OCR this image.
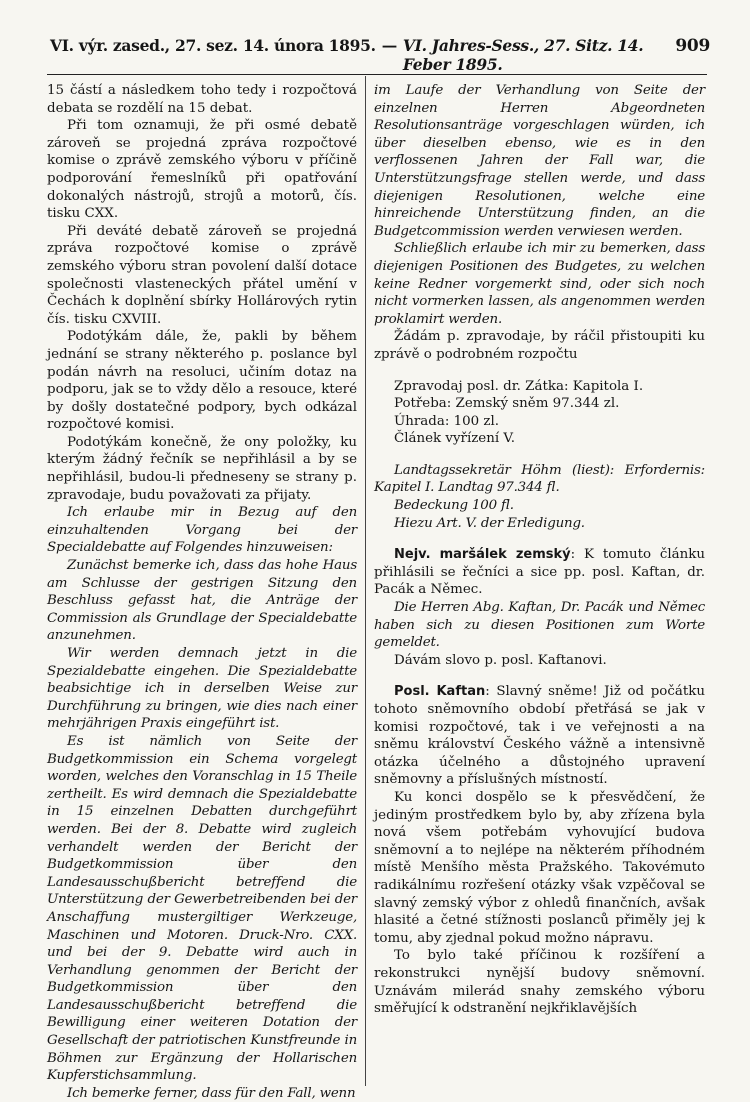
VI. výr. zased., 27. sez. 14. února 1895. — VI. Jahres-Sess., 27. Sitz. 14. Feber 1895.
909

15 částí a následkem toho tedy i rozpočtová debata se rozdělí na 15 debat.

Při tom oznamuji, že při osmé debatě zároveň se projedná zpráva rozpočtové komise o zprávě zemského výboru v příčině podporování řemeslníků při opatřování dokonalých nástrojů, strojů a motorů, čís. tisku CXX.

Při deváté debatě zároveň se projedná zpráva rozpočtové komise o zprávě zemského výboru stran povolení další dotace společnosti vlasteneckých přátel umění v Čechách k doplnění sbírky Hollárových rytin čís. tisku CXVIII.

Podotýkám dále, že, pakli by během jednání se strany některého p. poslance byl podán návrh na resoluci, učiním dotaz na podporu, jak se to vždy dělo a resouce, které by došly dostatečné podpory, bych odkázal rozpočtové komisi.

Podotýkám konečně, že ony položky, ku kterým žádný řečník se nepřihlásil a by se nepřihlásil, budou-li předneseny se strany p. zpravodaje, budu považovati za přijaty.

Ich erlaube mir in Bezug auf den einzuhaltenden Vorgang bei der Specialdebatte auf Folgendes hinzuweisen:

Zunächst bemerke ich, dass das hohe Haus am Schlusse der gestrigen Sitzung den Beschluss gefasst hat, die Anträge der Commission als Grundlage der Specialdebatte anzunehmen.

Wir werden demnach jetzt in die Spezialdebatte eingehen. Die Spezialdebatte beabsichtige ich in derselben Weise zur Durchführung zu bringen, wie dies nach einer mehrjährigen Praxis eingeführt ist.

Es ist nämlich von Seite der Budgetkommission ein Schema vorgelegt worden, welches den Voranschlag in 15 Theile zertheilt. Es wird demnach die Spezialdebatte in 15 einzelnen Debatten durchgeführt werden. Bei der 8. Debatte wird zugleich verhandelt werden der Bericht der Budgetkommission über den Landesausschußbericht betreffend die Unterstützung der Gewerbetreibenden bei der Anschaffung mustergiltiger Werkzeuge, Maschinen und Motoren. Druck-Nro. CXX. und bei der 9. Debatte wird auch in Verhandlung genommen der Bericht der Budgetkommission über den Landesausschußbericht betreffend die Bewilligung einer weiteren Dotation der Gesellschaft der patriotischen Kunstfreunde in Böhmen zur Ergänzung der Hollarischen Kupferstichsammlung.

Ich bemerke ferner, dass für den Fall, wenn

im Laufe der Verhandlung von Seite der einzelnen Herren Abgeordneten Resolutionsanträge vorgeschlagen würden, ich über dieselben ebenso, wie es in den verflossenen Jahren der Fall war, die Unterstützungsfrage stellen werde, und dass diejenigen Resolutionen, welche eine hinreichende Unterstützung finden, an die Budgetcommission werden verwiesen werden.

Schließlich erlaube ich mir zu bemerken, dass diejenigen Positionen des Budgetes, zu welchen keine Redner vorgemerkt sind, oder sich noch nicht vormerken lassen, als angenommen werden proklamirt werden.

Žádám p. zpravodaje, by ráčil přistoupiti ku zprávě o podrobném rozpočtu

Zpravodaj posl. dr. Zátka: Kapitola I.

Potřeba: Zemský sněm 97.344 zl.

Úhrada: 100 zl.

Článek vyřízení V.

Landtagssekretär Höhm (liest): Erfordernis: Kapitel I. Landtag 97.344 fl.

Bedeckung 100 fl.

Hiezu Art. V. der Erledigung.

Nejv. maršálek zemský: K tomuto článku přihlásili se řečníci a sice pp. posl. Kaftan, dr. Pacák a Němec.

Die Herren Abg. Kaftan, Dr. Pacák und Němec haben sich zu diesen Positionen zum Worte gemeldet.

Dávám slovo p. posl. Kaftanovi.

Posl. Kaftan: Slavný sněme! Již od počátku tohoto sněmovního období přetřásá se jak v komisi rozpočtové, tak i ve veřejnosti a na sněmu království Českého vážně a intensivně otázka účelného a důstojného upravení sněmovny a příslušných místností.

Ku konci dospělo se k přesvědčení, že jediným prostředkem bylo by, aby zřízena byla nová všem potřebám vyhovující budova sněmovní a to nejlépe na některém příhodném místě Menšího města Pražského. Takovémuto radikálnímu rozřešení otázky však vzpěčoval se slavný zemský výbor z ohledů finančních, avšak hlasité a četné stížnosti poslanců přiměly jej k tomu, aby zjednal pokud možno nápravu.

To bylo také příčinou k rozšíření a rekonstrukci nynější budovy sněmovní. Uznávám milerád snahy zemského výboru směřující k odstranění nejkřiklavějších
